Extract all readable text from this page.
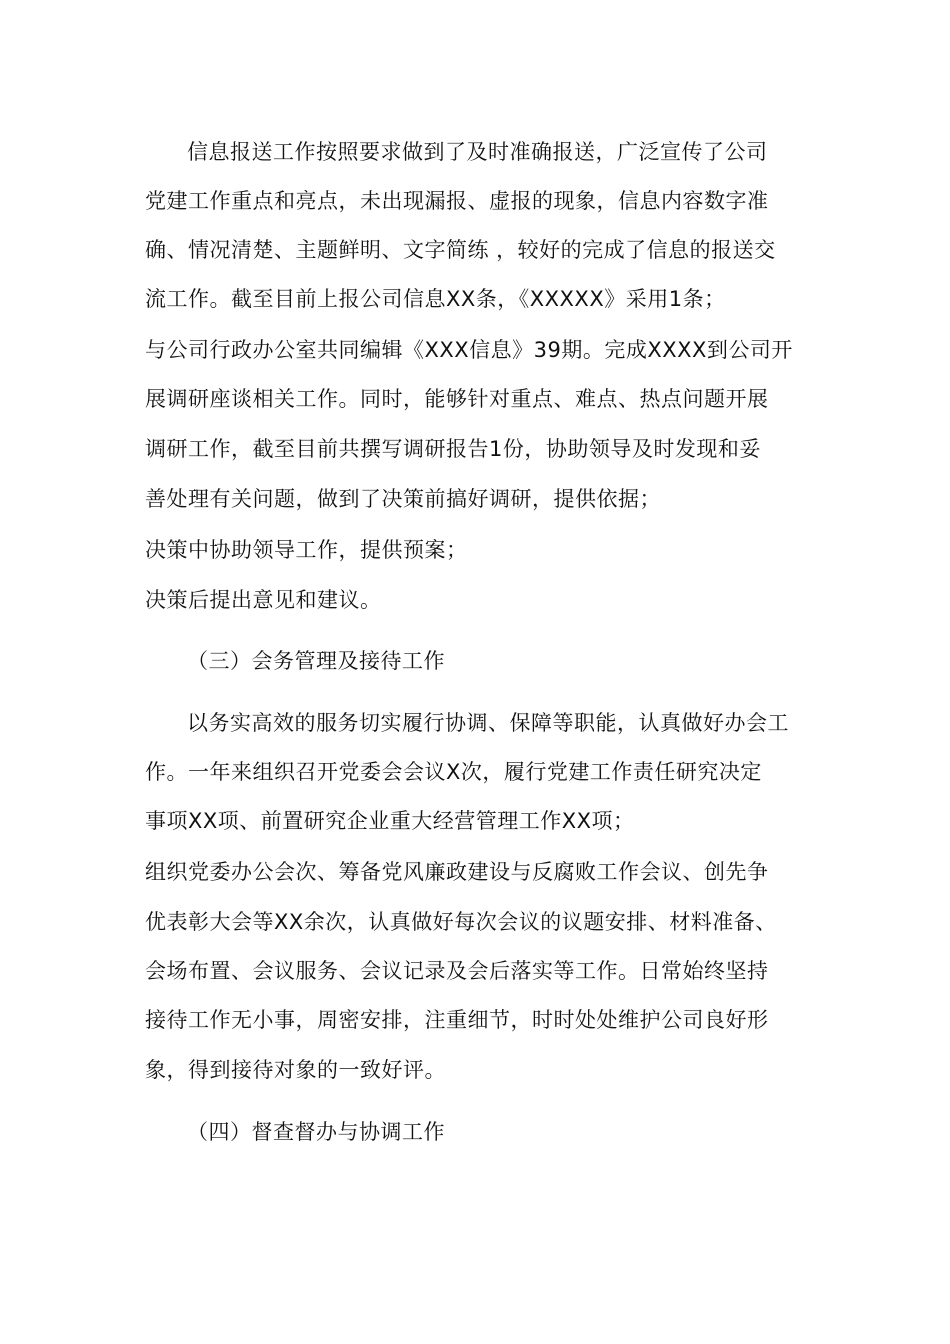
信息报送工作按照要求做到了及时准确报送，广泛宣传了公司
党建工作重点和亮点，未出现漏报、虚报的现象，信息内容数字准
确、情况清楚、主题鲜明、文字简练 ，较好的完成了信息的报送交
流工作。截至目前上报公司信息XX条，《XXXXX》采用1条；
与公司行政办公室共同编辑《XXX信息》39期。完成XXXX到公司开
展调研座谈相关工作。同时，能够针对重点、难点、热点问题开展
调研工作，截至目前共撰写调研报告1份，协助领导及时发现和妥
善处理有关问题，做到了决策前搞好调研，提供依据；
决策中协助领导工作，提供预案；
决策后提出意见和建议。
（三）会务管理及接待工作
以务实高效的服务切实履行协调、保障等职能，认真做好办会工
作。一年来组织召开党委会会议X次，履行党建工作责任研究决定
事项XX项、前置研究企业重大经营管理工作XX项；
组织党委办公会次、筹备党风廉政建设与反腐败工作会议、创先争
优表彰大会等XX余次，认真做好每次会议的议题安排、材料准备、
会场布置、会议服务、会议记录及会后落实等工作。日常始终坚持
接待工作无小事，周密安排，注重细节，时时处处维护公司良好形
象，得到接待对象的一致好评。
（四）督查督办与协调工作
